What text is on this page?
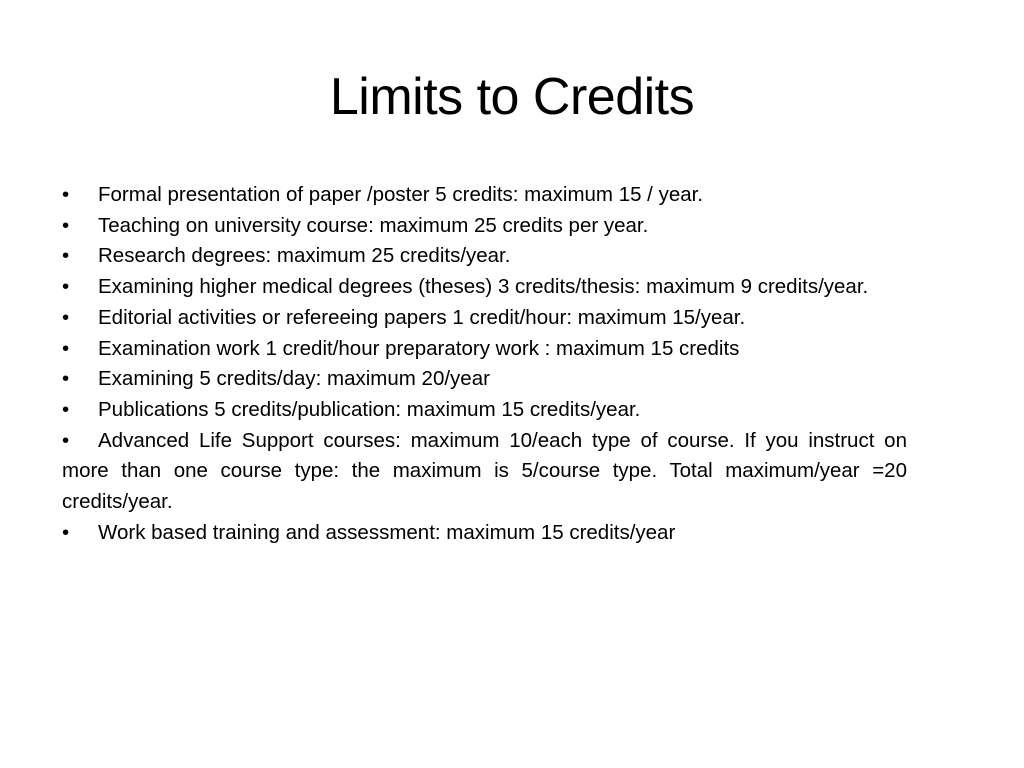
Limits to Credits
• Formal presentation of paper /poster 5 credits: maximum 15 / year.
• Teaching on university course: maximum 25 credits per year.
• Research degrees: maximum 25 credits/year.
• Examining higher medical degrees (theses) 3 credits/thesis: maximum 9 credits/year.
• Editorial activities or refereeing papers 1 credit/hour: maximum 15/year.
• Examination work 1 credit/hour preparatory work : maximum 15 credits
• Examining 5 credits/day: maximum 20/year
• Publications 5 credits/publication: maximum 15 credits/year.
• Advanced Life Support courses: maximum 10/each type of course. If you instruct on more than one course type: the maximum is 5/course type. Total maximum/year =20 credits/year.
• Work based training and assessment: maximum 15 credits/year
